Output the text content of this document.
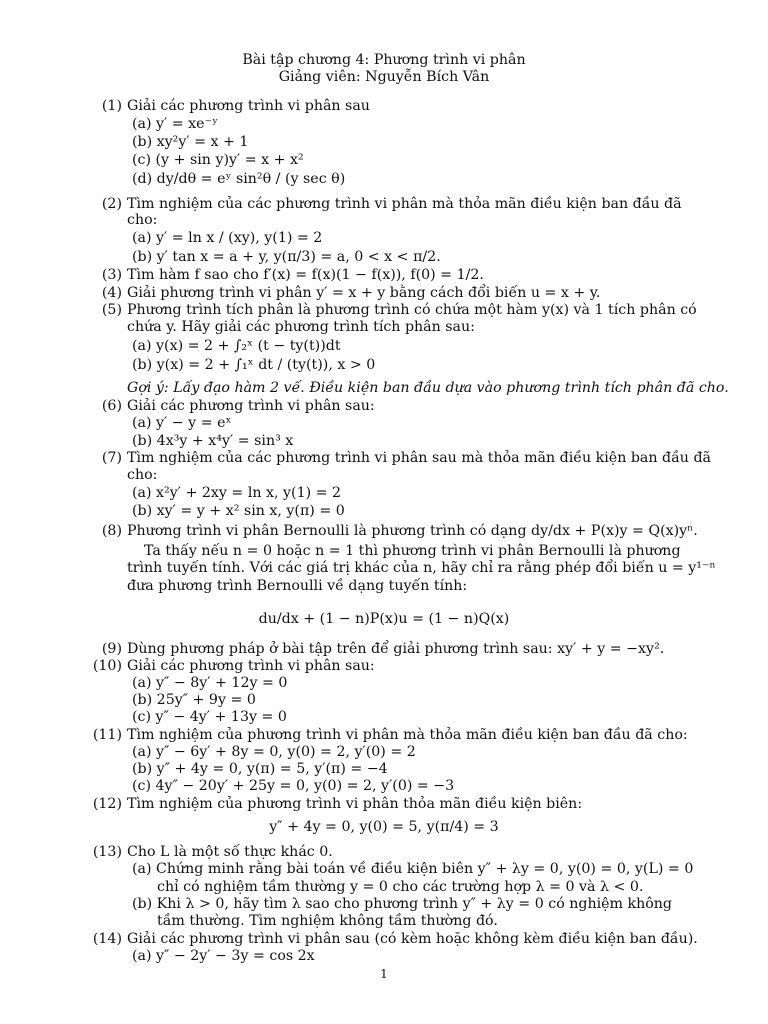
Bài tập chương 4: Phương trình vi phân
Giảng viên: Nguyễn Bích Vân
(1) Giải các phương trình vi phân sau
(a) y′ = xe⁻ʸ
(b) xy²y′ = x + 1
(c) (y + sin y)y′ = x + x²
(d) dy/dθ = eʸ sin²θ / (y sec θ)
(2) Tìm nghiệm của các phương trình vi phân mà thỏa mãn điều kiện ban đầu đã
cho:
(a) y′ = ln x / (xy), y(1) = 2
(b) y′ tan x = a + y, y(π/3) = a, 0 < x < π/2.
(3) Tìm hàm f sao cho f′(x) = f(x)(1 − f(x)), f(0) = 1/2.
(4) Giải phương trình vi phân y′ = x + y bằng cách đổi biến u = x + y.
(5) Phương trình tích phân là phương trình có chứa một hàm y(x) và 1 tích phân có
chứa y. Hãy giải các phương trình tích phân sau:
(a) y(x) = 2 + ∫₂ˣ (t − ty(t))dt
(b) y(x) = 2 + ∫₁ˣ dt / (ty(t)), x > 0
Gợi ý: Lấy đạo hàm 2 vế. Điều kiện ban đầu dựa vào phương trình tích phân đã cho.
(6) Giải các phương trình vi phân sau:
(a) y′ − y = eˣ
(b) 4x³y + x⁴y′ = sin³ x
(7) Tìm nghiệm của các phương trình vi phân sau mà thỏa mãn điều kiện ban đầu đã
cho:
(a) x²y′ + 2xy = ln x, y(1) = 2
(b) xy′ = y + x² sin x, y(π) = 0
(8) Phương trình vi phân Bernoulli là phương trình có dạng dy/dx + P(x)y = Q(x)yⁿ.
Ta thấy nếu n = 0 hoặc n = 1 thì phương trình vi phân Bernoulli là phương
trình tuyến tính. Với các giá trị khác của n, hãy chỉ ra rằng phép đổi biến u = y¹⁻ⁿ
đưa phương trình Bernoulli về dạng tuyến tính:
du/dx + (1 − n)P(x)u = (1 − n)Q(x)
(9) Dùng phương pháp ở bài tập trên để giải phương trình sau: xy′ + y = −xy².
(10) Giải các phương trình vi phân sau:
(a) y″ − 8y′ + 12y = 0
(b) 25y″ + 9y = 0
(c) y″ − 4y′ + 13y = 0
(11) Tìm nghiệm của phương trình vi phân mà thỏa mãn điều kiện ban đầu đã cho:
(a) y″ − 6y′ + 8y = 0, y(0) = 2, y′(0) = 2
(b) y″ + 4y = 0, y(π) = 5, y′(π) = −4
(c) 4y″ − 20y′ + 25y = 0, y(0) = 2, y′(0) = −3
(12) Tìm nghiệm của phương trình vi phân thỏa mãn điều kiện biên:
y″ + 4y = 0, y(0) = 5, y(π/4) = 3
(13) Cho L là một số thực khác 0.
(a) Chứng minh rằng bài toán về điều kiện biên y″ + λy = 0, y(0) = 0, y(L) = 0
chỉ có nghiệm tầm thường y = 0 cho các trường hợp λ = 0 và λ < 0.
(b) Khi λ > 0, hãy tìm λ sao cho phương trình y″ + λy = 0 có nghiệm không
tầm thường. Tìm nghiệm không tầm thường đó.
(14) Giải các phương trình vi phân sau (có kèm hoặc không kèm điều kiện ban đầu).
(a) y″ − 2y′ − 3y = cos 2x
1
